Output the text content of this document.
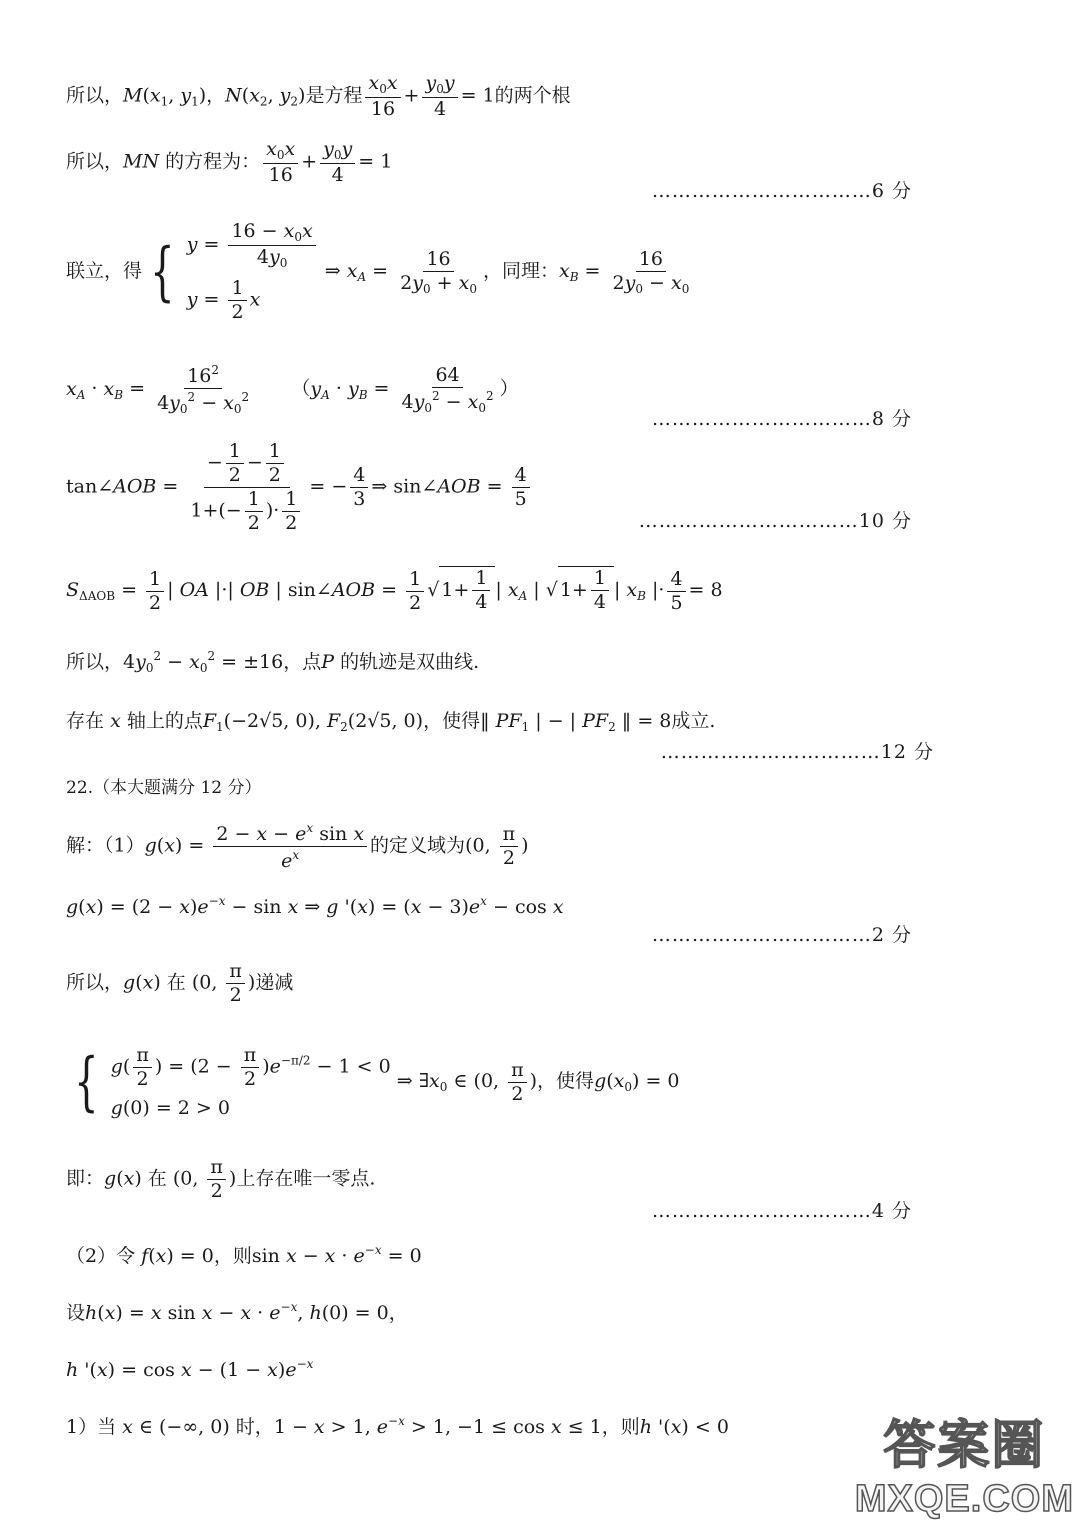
所以，$M(x_1$, $y_1$)，$N(x_2$, $y_2$)是方程 $\frac{x_0x}{16} + \frac{y_0y}{4} = 1$的两个根
所以，MN 的方程为： $\frac{x_0x}{16} + \frac{y_0y}{4} = 1$
……………………………6 分
联立，得 { $y = \frac{16 - x_0x}{4y_0}$
$y = \frac{1}{2}$ x
⇒ $x_A = \frac{16}{2y_0 + x_0}$ ，同理：$x_B = \frac{16}{2y_0 - x_0}$
$x_A \cdot x_B = \frac{16^2}{4y_0^2 - x_0^2} (y_A \cdot y_B = \frac{64}{4y_0^2 - x_0^2}$ ）
……………………………8 分
tan∠AOB = $\frac{- \frac{1}{2} - \frac{1}{2}}{1+(- \frac{1}{2} )\cdot \frac{1}{2}}$ = − $\frac{4}{3}$ ⇒ sin∠AOB = $\frac{4}{5}$
……………………………10 分
$S_{\Delta AOB} = \frac{1}{2}$ | OA |·| OB | sin∠AOB = $\frac{1}{2}$ √ 1+
1
4
| $x_A$ | √ 1+
1
4
| $x_B$ |· $\frac{4}{5} = 8$
所以，$4y_0^2 - x_0^2 = \pm 16$，点P 的轨迹是双曲线.
存在 x 轴上的点$F_1(-2√5$, 0), $F_2(2√5$, 0)，使得‖ $PF_1$ | − | $PF_2$ ‖ = 8成立.
……………………………12 分
22.（本大题满分 12 分）
解：$(1)g(x) = \frac{2 - x - e^x \sin x}{e^x}$ 的定义域为(0, $\frac{\pi}{2}$ )
$g(x) = (2 - x)e^{-x} - \sin x$ ⇒ g '$(x) = (x - 3)e^x - \cos x$
……………………………2 分
所以，g(x) 在 (0, $\frac{\pi}{2}$ )递减
{ $g( \frac{\pi}{2}$ ) = $(2 - \frac{\pi}{2} )e^{-\pi/2} - 1 < 0$
g(0) = 2 > 0
⇒ $\exists x_0$ ∈ (0, $\frac{\pi}{2}$ )，使得$g(x_0) = 0$
即：g(x) 在 (0, $\frac{\pi}{2}$ )上存在唯一零点.
……………………………4 分
（2）令 f(x) = 0，则$\sin x - x \cdot e^{-x} = 0$
设h(x) = x $\sin x - x \cdot e^{-x}$, h(0) = 0，
h '$(x) = \cos x - (1 - x)e^{-x}$
1）当 x ∈ (−∞, 0) 时，1 − x > 1, $e^{-x} > 1$, −1 ≤ cos x ≤ 1，则h '(x) < 0	答案圈
MXQE.COM
